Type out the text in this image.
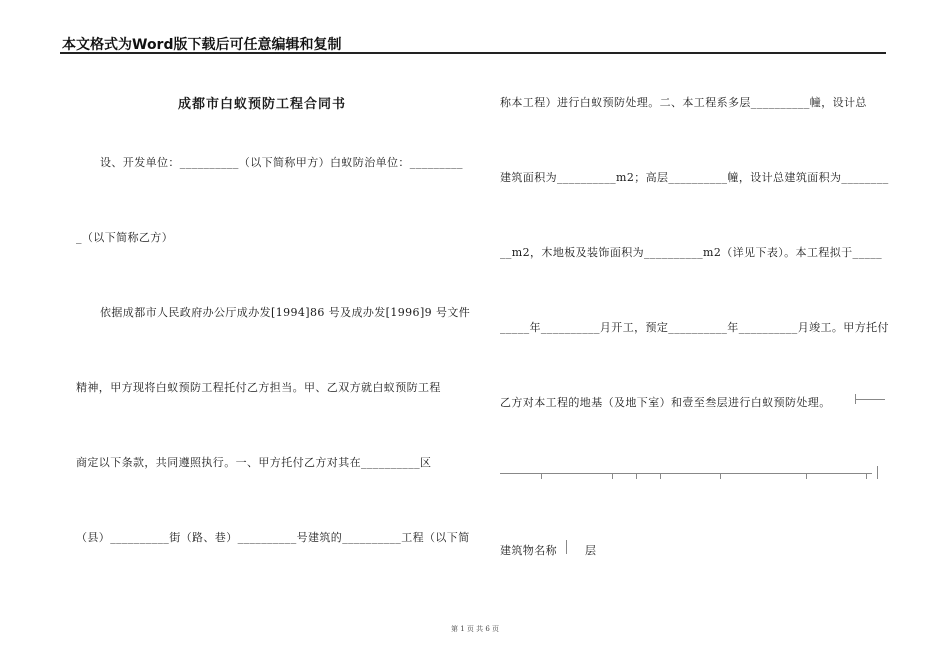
本文格式为Word版下载后可任意编辑和复制
成都市白蚁预防工程合同书
设、开发单位：__________（以下简称甲方）白蚁防治单位：_________
_（以下简称乙方）
依据成都市人民政府办公厅成办发[1994]86 号及成办发[1996]9 号文件
精神，甲方现将白蚁预防工程托付乙方担当。甲、乙双方就白蚁预防工程
商定以下条款，共同遵照执行。一、甲方托付乙方对其在__________区
（县）__________街（路、巷）__________号建筑的__________工程（以下简
称本工程）进行白蚁预防处理。二、本工程系多层__________幢，设计总
建筑面积为__________m2；高层__________幢，设计总建筑面积为________
__m2，木地板及装饰面积为__________m2（详见下表）。本工程拟于_____
_____年__________月开工，预定__________年__________月竣工。甲方托付
乙方对本工程的地基（及地下室）和壹至叁层进行白蚁预防处理。
建筑物名称	层
第 1 页 共 6 页
